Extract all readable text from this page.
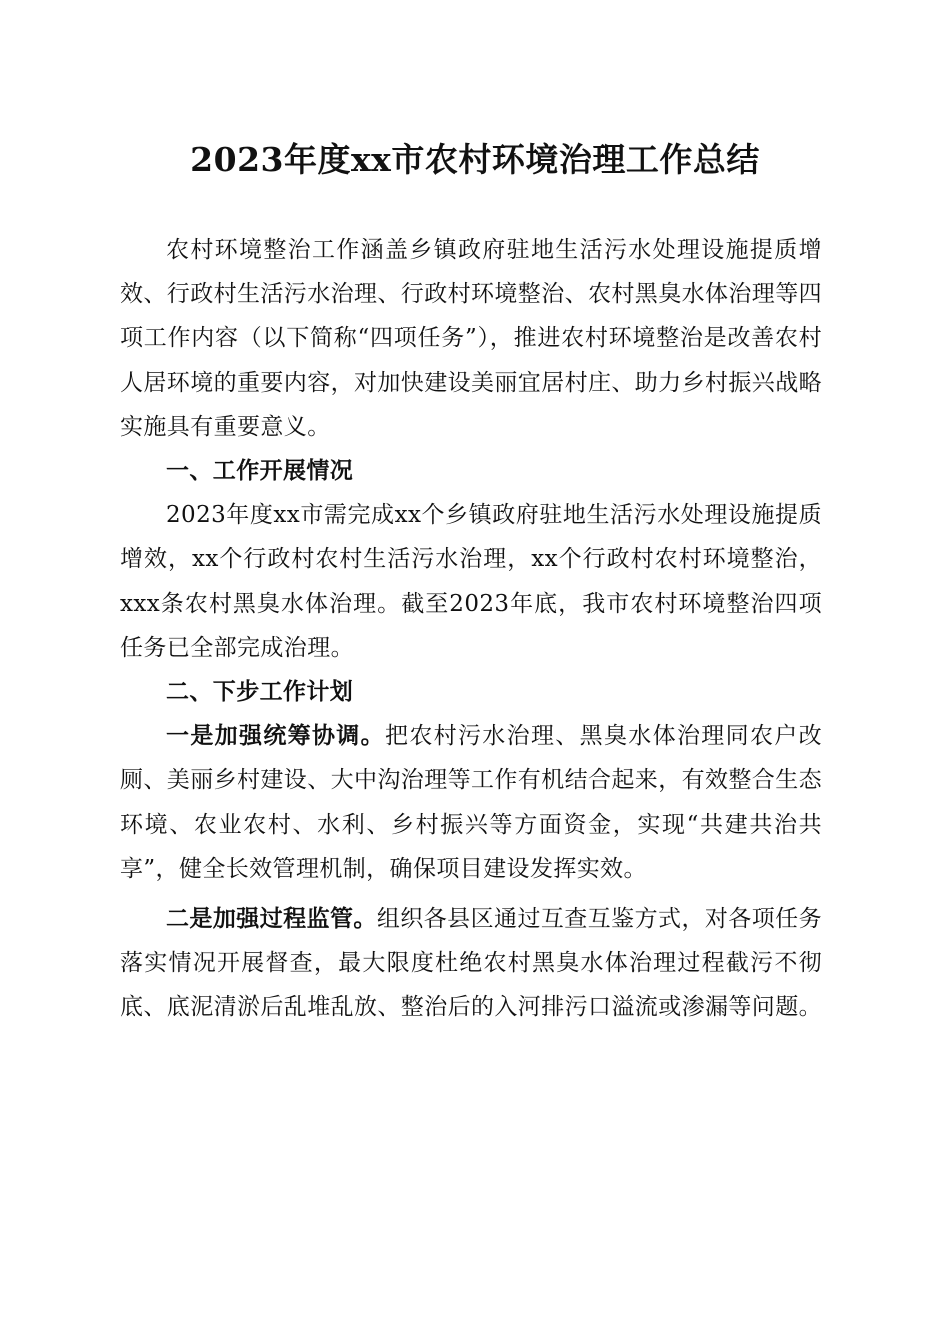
2023年度xx市农村环境治理工作总结

农村环境整治工作涵盖乡镇政府驻地生活污水处理设施提质增效、行政村生活污水治理、行政村环境整治、农村黑臭水体治理等四项工作内容（以下简称“四项任务”），推进农村环境整治是改善农村人居环境的重要内容，对加快建设美丽宜居村庄、助力乡村振兴战略实施具有重要意义。

一、工作开展情况

2023年度xx市需完成xx个乡镇政府驻地生活污水处理设施提质增效，xx个行政村农村生活污水治理，xx个行政村农村环境整治，xxx条农村黑臭水体治理。截至2023年底，我市农村环境整治四项任务已全部完成治理。

二、下步工作计划

一是加强统筹协调。把农村污水治理、黑臭水体治理同农户改厕、美丽乡村建设、大中沟治理等工作有机结合起来，有效整合生态环境、农业农村、水利、乡村振兴等方面资金，实现“共建共治共享”，健全长效管理机制，确保项目建设发挥实效。

二是加强过程监管。组织各县区通过互查互鉴方式，对各项任务落实情况开展督查，最大限度杜绝农村黑臭水体治理过程截污不彻底、底泥清淤后乱堆乱放、整治后的入河排污口溢流或渗漏等问题。
